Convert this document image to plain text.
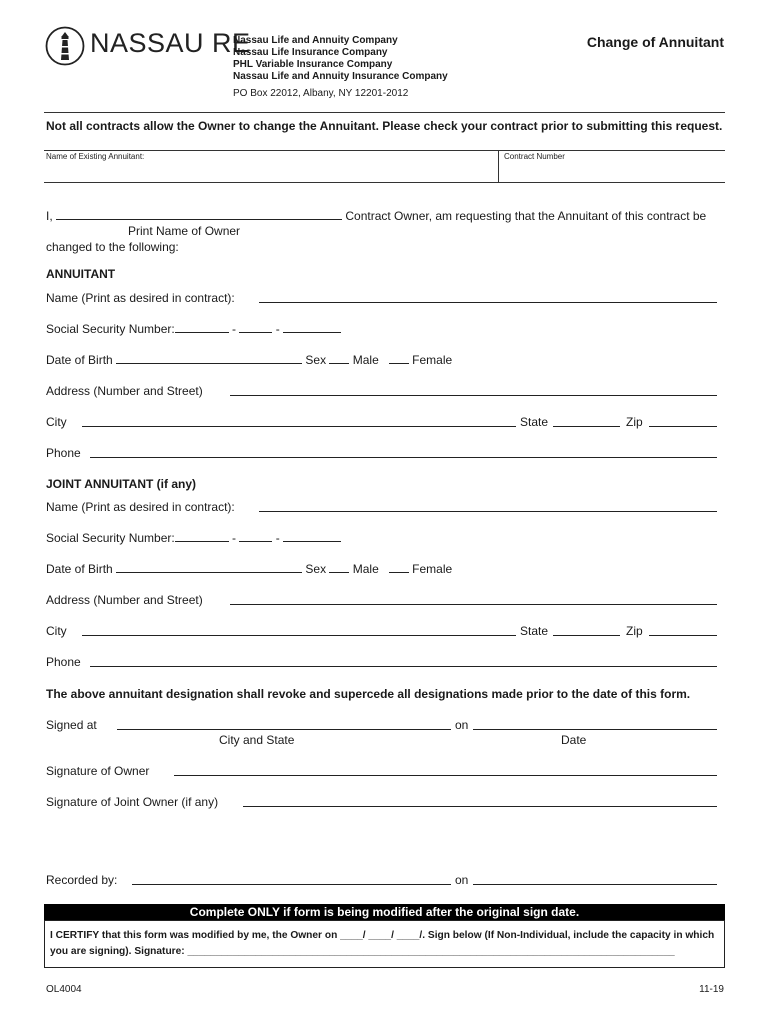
NASSAU RE
Nassau Life and Annuity Company
Nassau Life Insurance Company
PHL Variable Insurance Company
Nassau Life and Annuity Insurance Company
PO Box 22012, Albany, NY 12201-2012
Change of Annuitant
Not all contracts allow the Owner to change the Annuitant. Please check your contract prior to submitting this request.
Name of Existing Annuitant:	Contract Number
I,	Contract Owner, am requesting that the Annuitant of this contract be
Print Name of Owner
changed to the following:
ANNUITANT
Name (Print as desired in contract):
Social Security Number:	-	-
Date of Birth	Sex Male	Female
Address (Number and Street)
City	State	Zip
Phone
JOINT ANNUITANT (if any)
Name (Print as desired in contract):
Social Security Number:	-	-
Date of Birth	Sex Male	Female
Address (Number and Street)
City	State	Zip
Phone
The above annuitant designation shall revoke and supercede all designations made prior to the date of this form.
Signed at	on
City and State	Date
Signature of Owner
Signature of Joint Owner (if any)
Recorded by:	on
Complete ONLY if form is being modified after the original sign date.
I CERTIFY that this form was modified by me, the Owner on ____/ ____/ ____/. Sign below (If Non-Individual, include the capacity in which
you are signing). Signature: ______________________________________________________________________________________
OL4004	11-19
